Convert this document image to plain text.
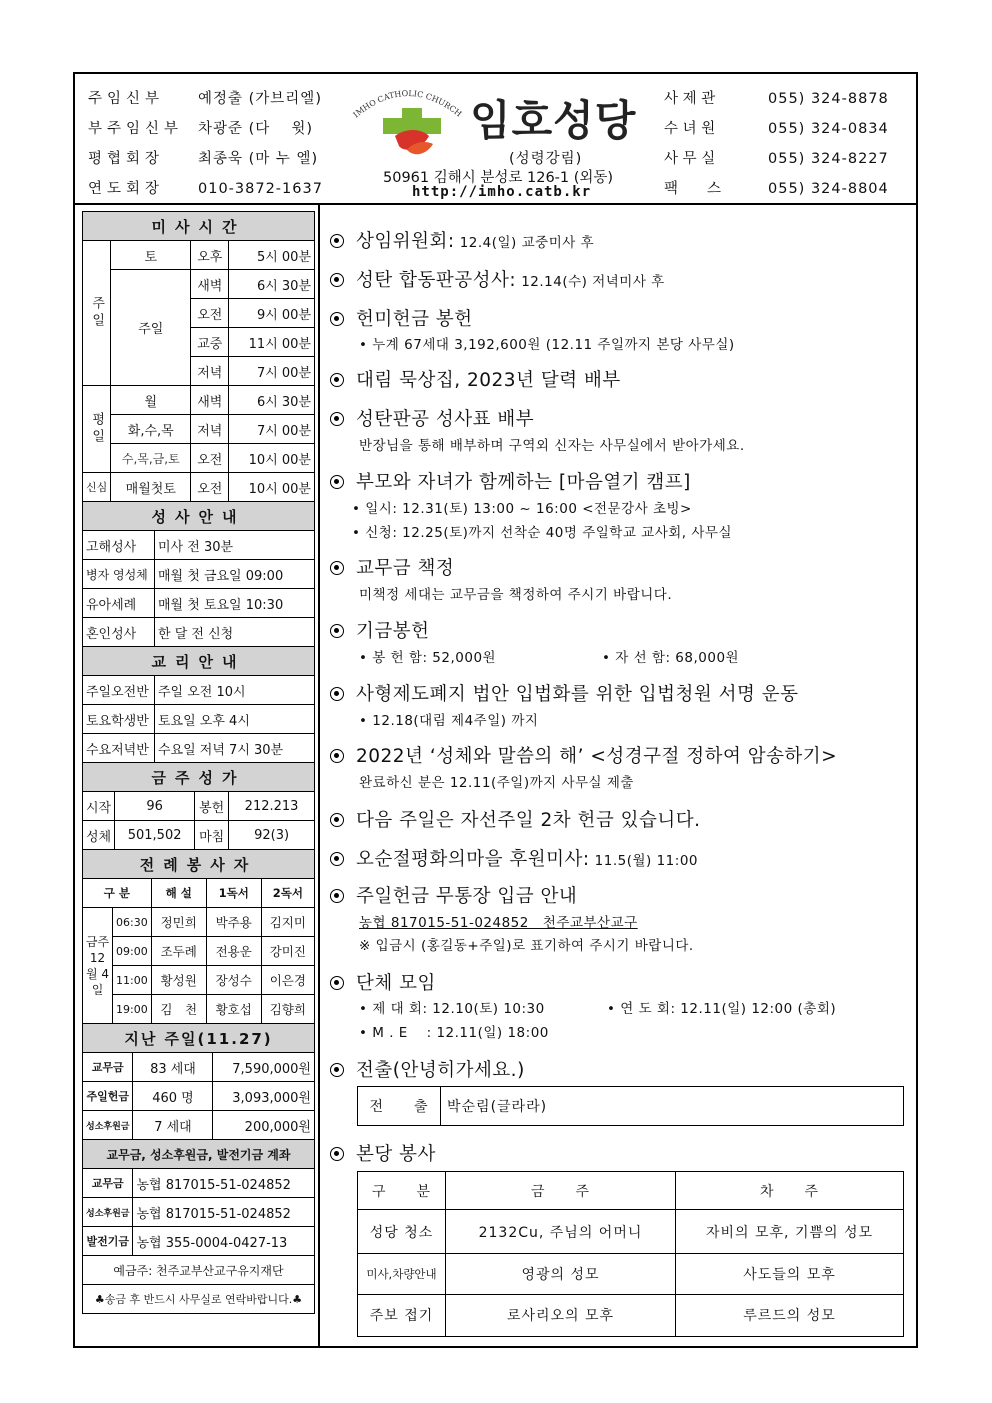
주임신부 예정출 (가브리엘)
부주임신부 차광준 (다　 윗)
평협회장 최종욱 (마 누 엘)
연도회장 010-3872-1637
IMHO CATHOLIC CHURCH 임호성당
(성령강림)
50961 김해시 분성로 126-1 (외동)
http://imho.catb.kr
사 제 관	055) 324-8878
수 녀 원	055) 324-0834
사 무 실	055) 324-8227
팩　　스	055) 324-8804
미사시간			
주일	토	오후	5시 00분
	주일	새벽	6시 30분
		오전	9시 00분
		교중	11시 00분
		저녁	7시 00분
평일	월	새벽	6시 30분
	화,수,목	저녁	7시 00분
	수,목,금,토	오전	10시 00분
신심	매월첫토	오전	10시 00분
성사안내	
고해성사	미사 전 30분
병자 영성체	매월 첫 금요일 09:00
유아세례	매월 첫 토요일 10:30
혼인성사	한 달 전 신청
교리안내	
주일오전반	주일 오전 10시
토요학생반	토요일 오후 4시
수요저녁반	수요일 저녁 7시 30분
금주성가			
시작	96	봉헌	212.213
성체	501,502	마침	92(3)
전례봉사자				
구 분		해 설	1독서	2독서
금주 12월 4일	06:30	정민희	박주용	김지미
	09:00	조두례	전용운	강미진
	11:00	황성원	장성수	이은경
	19:00	김　천	황호섭	김향희
지난 주일(11.27)		
교무금	83 세대	7,590,000원
주일헌금	460 명	3,093,000원
성소후원금	7 세대	200,000원
교무금, 성소후원금, 발전기금 계좌	
교무금	농협 817015-51-024852
성소후원금	농협 817015-51-024852
발전기금	농협 355-0004-0427-13
예금주: 천주교부산교구유지재단	
♣송금 후 반드시 사무실로 연락바랍니다.♣	
상임위원회: 12.4(일) 교중미사 후
성탄 합동판공성사: 12.14(수) 저녁미사 후
헌미헌금 봉헌
• 누계 67세대 3,192,600원 (12.11 주일까지 본당 사무실)
대림 묵상집, 2023년 달력 배부
성탄판공 성사표 배부
반장님을 통해 배부하며 구역외 신자는 사무실에서 받아가세요.
부모와 자녀가 함께하는 [마음열기 캠프]
• 일시: 12.31(토) 13:00 ~ 16:00 <전문강사 초빙>
• 신청: 12.25(토)까지 선착순 40명 주일학교 교사회, 사무실
교무금 책정
미책정 세대는 교무금을 책정하여 주시기 바랍니다.
기금봉헌
• 봉 헌 함: 52,000원	• 자 선 함: 68,000원
사형제도폐지 법안 입법화를 위한 입법청원 서명 운동
• 12.18(대림 제4주일) 까지
2022년 ‘성체와 말씀의 해’ <성경구절 정하여 암송하기>
완료하신 분은 12.11(주일)까지 사무실 제출
다음 주일은 자선주일 2차 헌금 있습니다.
오순절평화의마을 후원미사: 11.5(월) 11:00
주일헌금 무통장 입금 안내
농협 817015-51-024852　천주교부산교구
※ 입금시 (홍길동+주일)로 표기하여 주시기 바랍니다.
단체 모임
• 제 대 회: 12.10(토) 10:30	• 연 도 회: 12.11(일) 12:00 (총회)
• M . E　 : 12.11(일) 18:00
전출(안녕히가세요.)
전　　출	박순림(글라라)
본당 봉사
구　　분	금　　주	차　　주
성당 청소	2132Cu, 주님의 어머니	자비의 모후, 기쁨의 성모
미사,차량안내	영광의 성모	사도들의 모후
주보 접기	로사리오의 모후	루르드의 성모
